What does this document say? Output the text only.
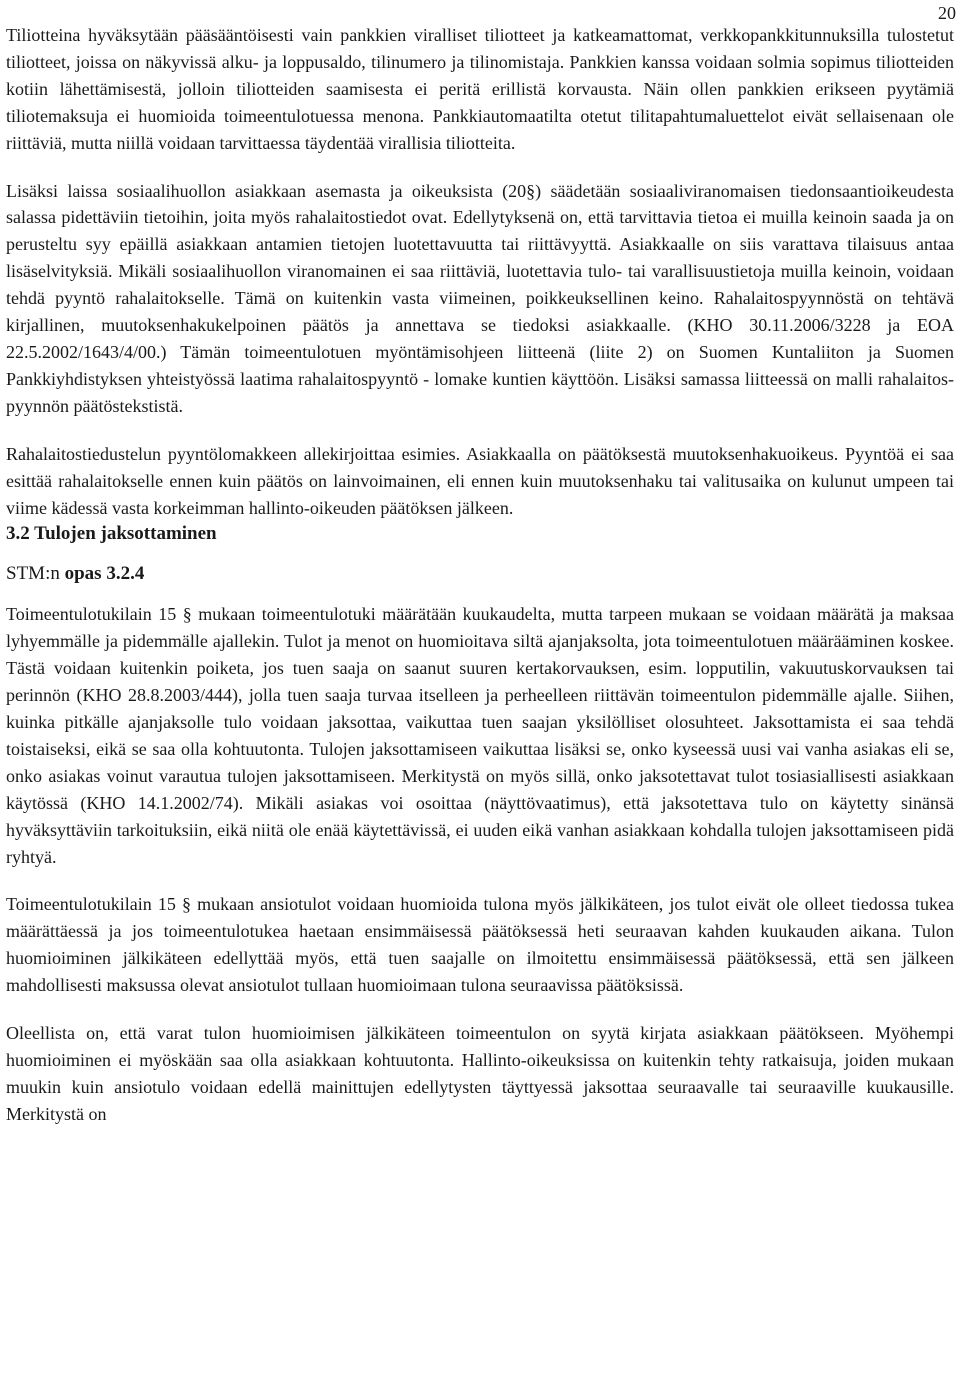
20

Tiliotteina hyväksytään pääsääntöisesti vain pankkien viralliset tiliotteet ja katkeamattomat, verkkopankkitunnuksilla tulostetut tiliotteet, joissa on näkyvissä alku- ja loppusaldo, tilinumero ja tilinomistaja. Pankkien kanssa voidaan solmia sopimus tiliotteiden kotiin lähettämisestä, jolloin tiliotteiden saamisesta ei peritä erillistä korvausta. Näin ollen pankkien erikseen pyytämiä tiliotemaksuja ei huomioida toimeentulotuessa menona. Pankkiautomaatilta otetut tilitapahtumaluettelot eivät sellaisenaan ole riittäviä, mutta niillä voidaan tarvittaessa täydentää virallisia tiliotteita.

Lisäksi laissa sosiaalihuollon asiakkaan asemasta ja oikeuksista (20§) säädetään sosiaaliviranomaisen tiedonsaantioikeudesta salassa pidettäviin tietoihin, joita myös rahalaitostiedot ovat. Edellytyksenä on, että tarvittavia tietoa ei muilla keinoin saada ja on perusteltu syy epäillä asiakkaan antamien tietojen luotettavuutta tai riittävyyttä. Asiakkaalle on siis varattava tilaisuus antaa lisäselvityksiä. Mikäli sosiaalihuollon viranomainen ei saa riittäviä, luotettavia tulo- tai varallisuustietoja muilla keinoin, voidaan tehdä pyyntö rahalaitokselle. Tämä on kuitenkin vasta viimeinen, poikkeuksellinen keino. Rahalaitospyynnöstä on tehtävä kirjallinen, muutoksenhakukelpoinen päätös ja annettava se tiedoksi asiakkaalle. (KHO 30.11.2006/3228 ja EOA 22.5.2002/1643/4/00.) Tämän toimeentulotuen myöntämisohjeen liitteenä (liite 2) on Suomen Kuntaliiton ja Suomen Pankkiyhdistyksen yhteistyössä laatima rahalaitospyyntö - lomake kuntien käyttöön. Lisäksi samassa liitteessä on malli rahalaitos-pyynnön päätöstekstistä.

Rahalaitostiedustelun pyyntölomakkeen allekirjoittaa esimies. Asiakkaalla on päätöksestä muutoksenhakuoikeus. Pyyntöä ei saa esittää rahalaitokselle ennen kuin päätös on lainvoimainen, eli ennen kuin muutoksenhaku tai valitusaika on kulunut umpeen tai viime kädessä vasta korkeimman hallinto-oikeuden päätöksen jälkeen.

3.2 Tulojen jaksottaminen

STM:n opas 3.2.4

Toimeentulotukilain 15 § mukaan toimeentulotuki määrätään kuukaudelta, mutta tarpeen mukaan se voidaan määrätä ja maksaa lyhyemmälle ja pidemmälle ajallekin. Tulot ja menot on huomioitava siltä ajanjaksolta, jota toimeentulotuen määrääminen koskee. Tästä voidaan kuitenkin poiketa, jos tuen saaja on saanut suuren kertakorvauksen, esim. lopputilin, vakuutuskorvauksen tai perinnön (KHO 28.8.2003/444), jolla tuen saaja turvaa itselleen ja perheelleen riittävän toimeentulon pidemmälle ajalle. Siihen, kuinka pitkälle ajanjaksolle tulo voidaan jaksottaa, vaikuttaa tuen saajan yksilölliset olosuhteet. Jaksottamista ei saa tehdä toistaiseksi, eikä se saa olla kohtuutonta. Tulojen jaksottamiseen vaikuttaa lisäksi se, onko kyseessä uusi vai vanha asiakas eli se, onko asiakas voinut varautua tulojen jaksottamiseen. Merkitystä on myös sillä, onko jaksotettavat tulot tosiasiallisesti asiakkaan käytössä (KHO 14.1.2002/74). Mikäli asiakas voi osoittaa (näyttövaatimus), että jaksotettava tulo on käytetty sinänsä hyväksyttäviin tarkoituksiin, eikä niitä ole enää käytettävissä, ei uuden eikä vanhan asiakkaan kohdalla tulojen jaksottamiseen pidä ryhtyä.

Toimeentulotukilain 15 § mukaan ansiotulot voidaan huomioida tulona myös jälkikäteen, jos tulot eivät ole olleet tiedossa tukea määrättäessä ja jos toimeentulotukea haetaan ensimmäisessä päätöksessä heti seuraavan kahden kuukauden aikana. Tulon huomioiminen jälkikäteen edellyttää myös, että tuen saajalle on ilmoitettu ensimmäisessä päätöksessä, että sen jälkeen mahdollisesti maksussa olevat ansiotulot tullaan huomioimaan tulona seuraavissa päätöksissä.

Oleellista on, että varat tulon huomioimisen jälkikäteen toimeentulon on syytä kirjata asiakkaan päätökseen. Myöhempi huomioiminen ei myöskään saa olla asiakkaan kohtuutonta. Hallinto-oikeuksissa on kuitenkin tehty ratkaisuja, joiden mukaan muukin kuin ansiotulo voidaan edellä mainittujen edellytysten täyttyessä jaksottaa seuraavalle tai seuraaville kuukausille. Merkitystä on
